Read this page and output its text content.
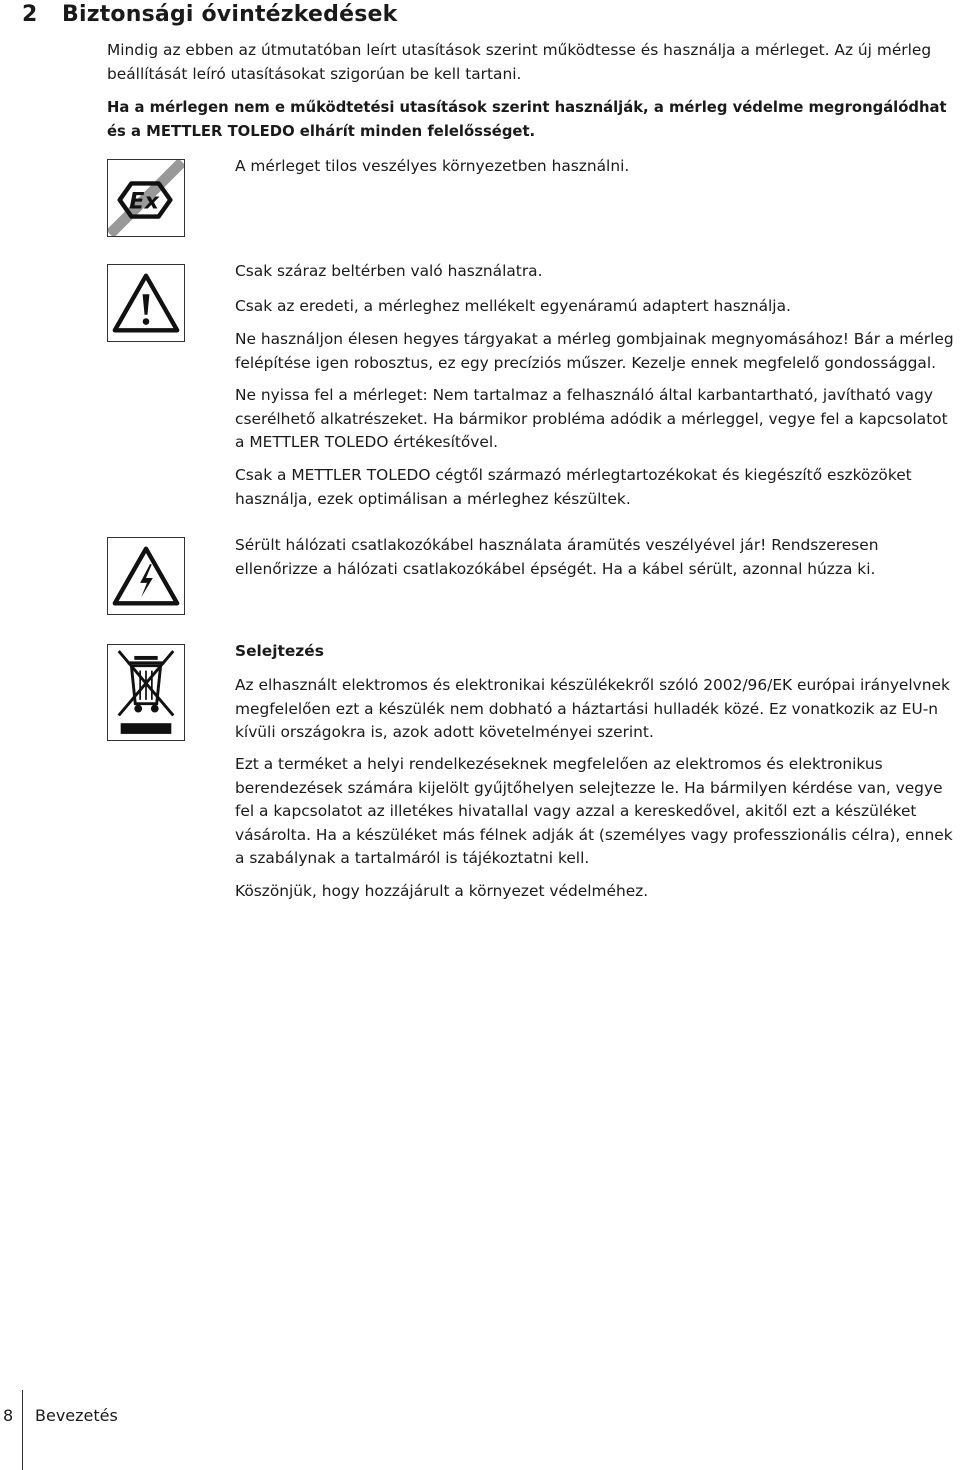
2 Biztonsági óvintézkedések

Mindig az ebben az útmutatóban leírt utasítások szerint működtesse és használja a mérleget. Az új mérleg beállítását leíró utasításokat szigorúan be kell tartani.

Ha a mérlegen nem e működtetési utasítások szerint használják, a mérleg védelme megrongálódhat és a METTLER TOLEDO elhárít minden felelősséget.

Ex

A mérleget tilos veszélyes környezetben használni.

Csak száraz beltérben való használatra.

Csak az eredeti, a mérleghez mellékelt egyenáramú adaptert használja.

Ne használjon élesen hegyes tárgyakat a mérleg gombjainak megnyomásához! Bár a mérleg felépítése igen robosztus, ez egy precíziós műszer. Kezelje ennek megfelelő gondossággal.

Ne nyissa fel a mérleget: Nem tartalmaz a felhasználó által karbantartható, javítható vagy cserélhető alkatrészeket. Ha bármikor probléma adódik a mérleggel, vegye fel a kapcsolatot a METTLER TOLEDO értékesítővel.

Csak a METTLER TOLEDO cégtől származó mérlegtartozékokat és kiegészítő eszközöket használja, ezek optimálisan a mérleghez készültek.

Sérült hálózati csatlakozókábel használata áramütés veszélyével jár! Rendszeresen ellenőrizze a hálózati csatlakozókábel épségét. Ha a kábel sérült, azonnal húzza ki.

Selejtezés

Az elhasznált elektromos és elektronikai készülékekről szóló 2002/96/EK európai irányelvnek megfelelően ezt a készülék nem dobható a háztartási hulladék közé. Ez vonatkozik az EU-n kívüli országokra is, azok adott követelményei szerint.

Ezt a terméket a helyi rendelkezéseknek megfelelően az elektromos és elektronikus berendezések számára kijelölt gyűjtőhelyen selejtezze le. Ha bármilyen kérdése van, vegye fel a kapcsolatot az illetékes hivatallal vagy azzal a kereskedővel, akitől ezt a készüléket vásárolta. Ha a készüléket más félnek adják át (személyes vagy professzionális célra), ennek a szabálynak a tartalmáról is tájékoztatni kell.

Köszönjük, hogy hozzájárult a környezet védelméhez.

8 Bevezetés
